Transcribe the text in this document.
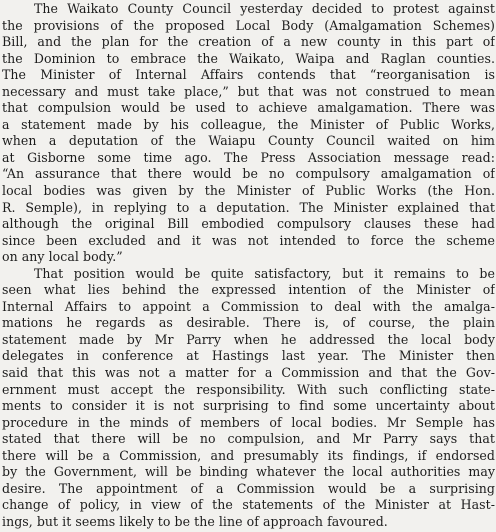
The Waikato County Council yesterday decided to protest against
the provisions of the proposed Local Body (Amalgamation Schemes)
Bill, and the plan for the creation of a new county in this part of
the Dominion to embrace the Waikato, Waipa and Raglan counties.
The Minister of Internal Affairs contends that “reorganisation is
necessary and must take place,” but that was not construed to mean
that compulsion would be used to achieve amalgamation. There was
a statement made by his colleague, the Minister of Public Works,
when a deputation of the Waiapu County Council waited on him
at Gisborne some time ago. The Press Association message read:
“An assurance that there would be no compulsory amalgamation of
local bodies was given by the Minister of Public Works (the Hon.
R. Semple), in replying to a deputation. The Minister explained that
although the original Bill embodied compulsory clauses these had
since been excluded and it was not intended to force the scheme
on any local body.”
That position would be quite satisfactory, but it remains to be
seen what lies behind the expressed intention of the Minister of
Internal Affairs to appoint a Commission to deal with the amalga-
mations he regards as desirable. There is, of course, the plain
statement made by Mr Parry when he addressed the local body
delegates in conference at Hastings last year. The Minister then
said that this was not a matter for a Commission and that the Gov-
ernment must accept the responsibility. With such conflicting state-
ments to consider it is not surprising to find some uncertainty about
procedure in the minds of members of local bodies. Mr Semple has
stated that there will be no compulsion, and Mr Parry says that
there will be a Commission, and presumably its findings, if endorsed
by the Government, will be binding whatever the local authorities may
desire. The appointment of a Commission would be a surprising
change of policy, in view of the statements of the Minister at Hast-
ings, but it seems likely to be the line of approach favoured.
